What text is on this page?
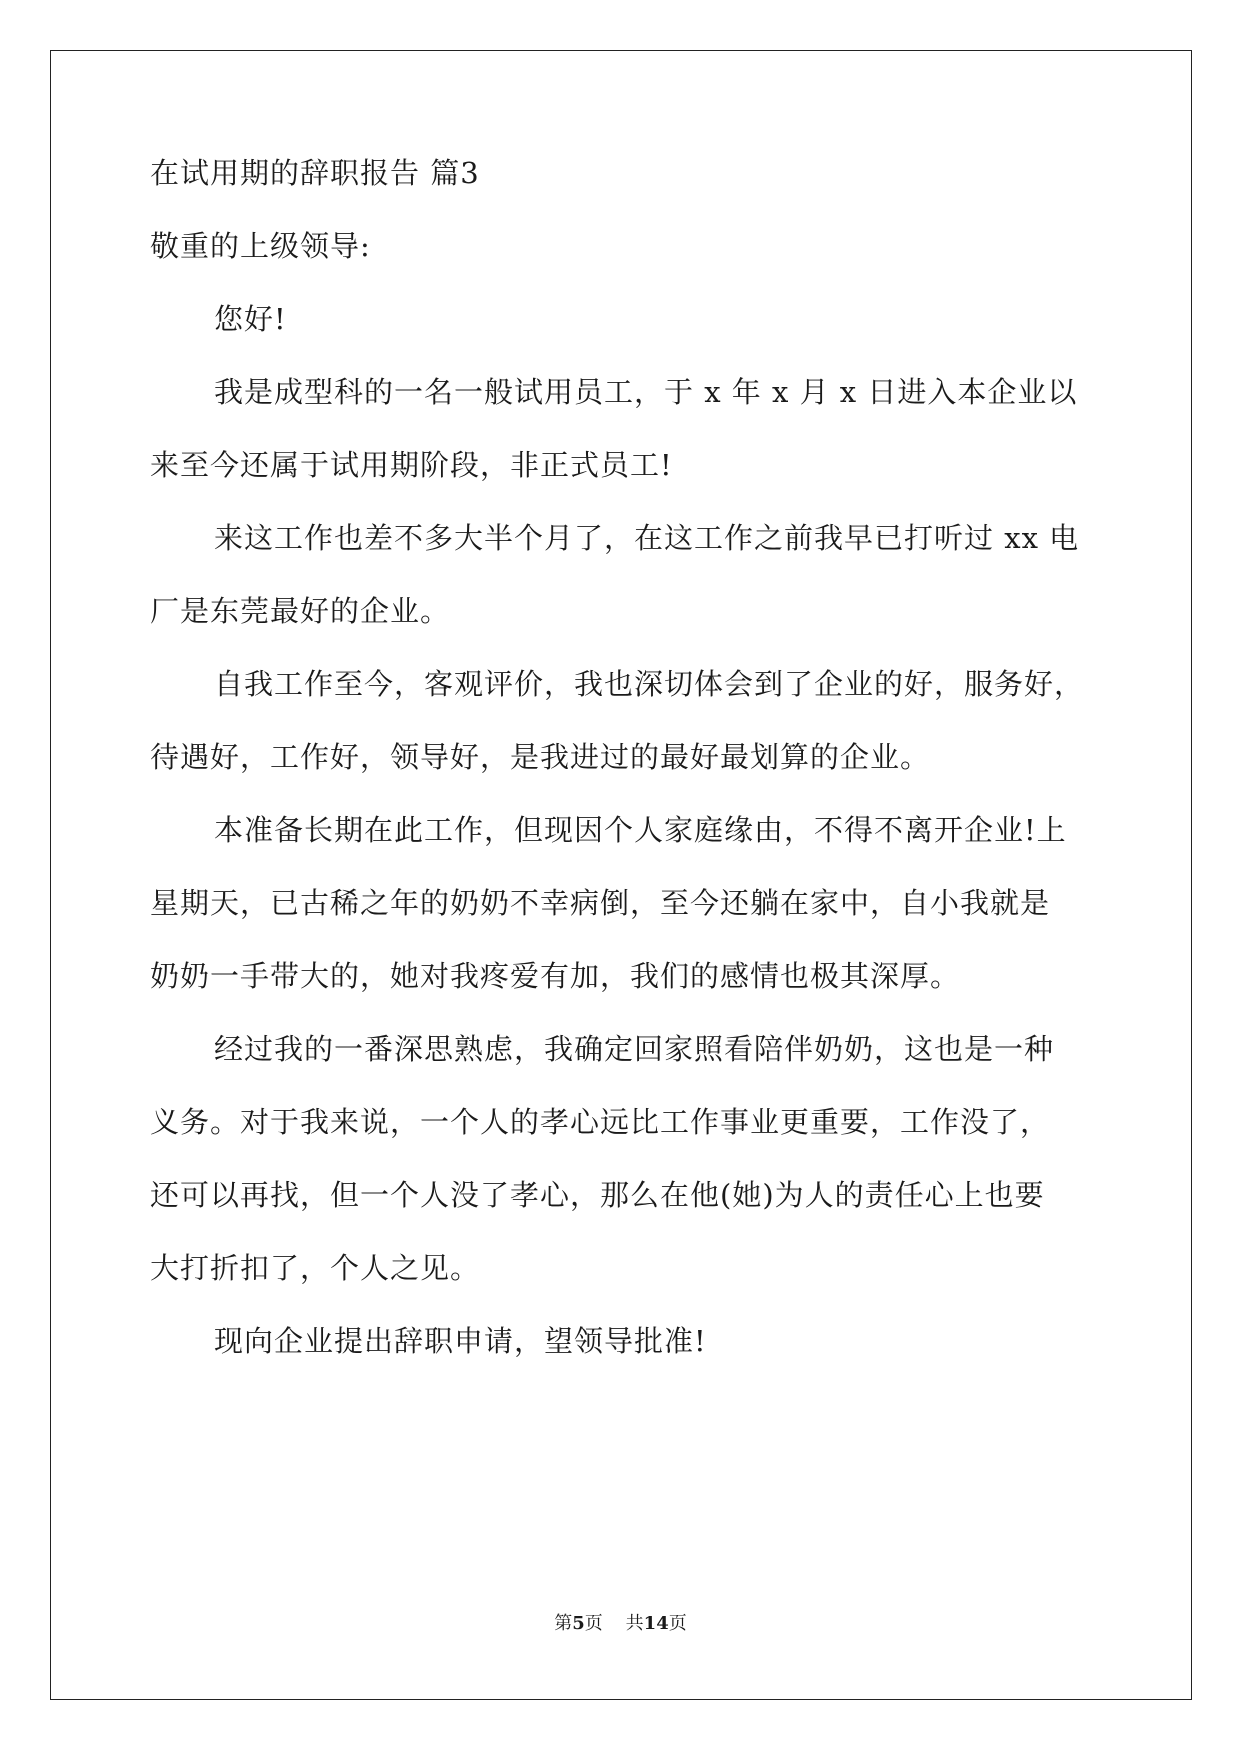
在试用期的辞职报告 篇3
敬重的上级领导:
您好!
我是成型科的一名一般试用员工，于 x 年 x 月 x 日进入本企业以
来至今还属于试用期阶段，非正式员工!
来这工作也差不多大半个月了，在这工作之前我早已打听过 xx 电
厂是东莞最好的企业。
自我工作至今，客观评价，我也深切体会到了企业的好，服务好，
待遇好，工作好，领导好，是我进过的最好最划算的企业。
本准备长期在此工作，但现因个人家庭缘由，不得不离开企业!上
星期天，已古稀之年的奶奶不幸病倒，至今还躺在家中，自小我就是
奶奶一手带大的，她对我疼爱有加，我们的感情也极其深厚。
经过我的一番深思熟虑，我确定回家照看陪伴奶奶，这也是一种
义务。对于我来说，一个人的孝心远比工作事业更重要，工作没了，
还可以再找，但一个人没了孝心，那么在他(她)为人的责任心上也要
大打折扣了，个人之见。
现向企业提出辞职申请，望领导批准!
第5页 共14页
